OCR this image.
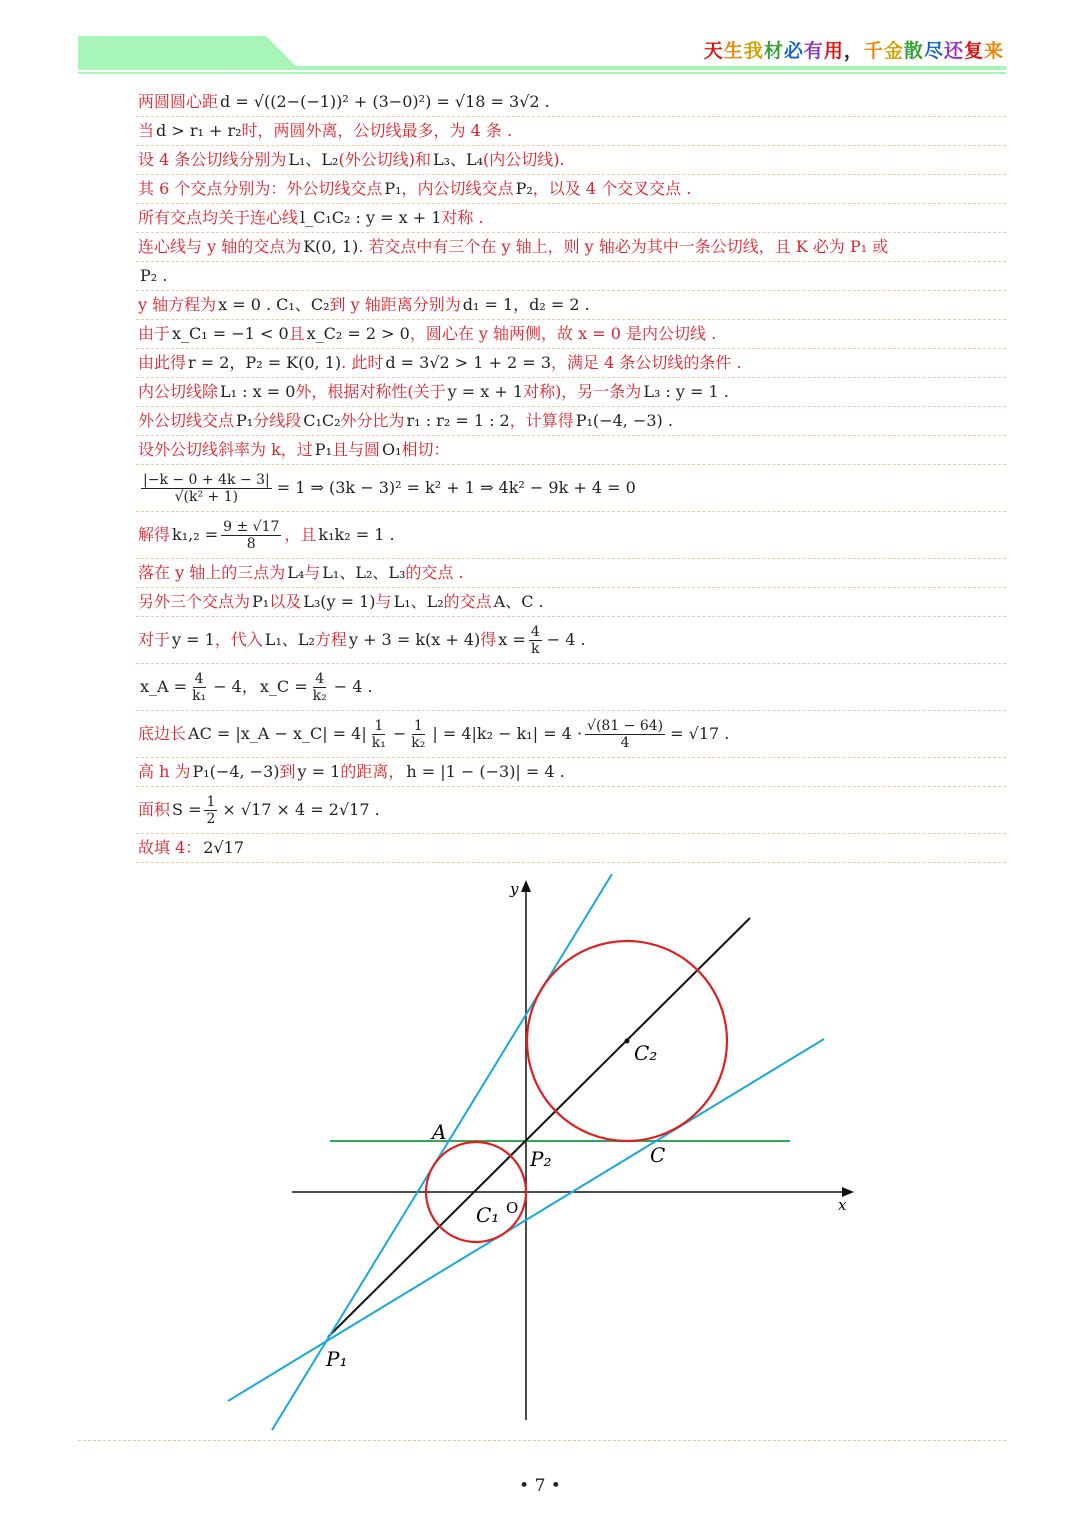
天生我材必有用，千金散尽还复来
两圆圆心距 d = √((2−(−1))² + (3−0)²) = √18 = 3√2 .
当 d > r₁ + r₂ 时，两圆外离，公切线最多，为 4 条 .
设 4 条公切线分别为 L₁、L₂ (外公切线)和 L₃、L₄ (内公切线).
其 6 个交点分别为：外公切线交点 P₁ ，内公切线交点 P₂ ，以及 4 个交叉交点 .
所有交点均关于连心线 l_C₁C₂ : y = x + 1 对称 .
连心线与 y 轴的交点为 K(0, 1) . 若交点中有三个在 y 轴上，则 y 轴必为其中一条公切线，且 K 必为 P₁ 或
P₂ .
y 轴方程为 x = 0 . C₁、C₂ 到 y 轴距离分别为 d₁ = 1，d₂ = 2 .
由于 x_C₁ = −1 < 0 且 x_C₂ = 2 > 0 ，圆心在 y 轴两侧，故 x = 0 是内公切线 .
由此得 r = 2，P₂ = K(0, 1) . 此时 d = 3√2 > 1 + 2 = 3 ，满足 4 条公切线的条件 .
内公切线除 L₁ : x = 0 外，根据对称性(关于 y = x + 1 对称)，另一条为 L₃ : y = 1 .
外公切线交点 P₁ 分线段 C₁C₂ 外分比为 r₁ : r₂ = 1 : 2 ，计算得 P₁(−4, −3) .
设外公切线斜率为 k，过 P₁ 且与圆 O₁ 相切：
$\frac{|-k - 0 + 4k - 3|}{\text{√(k² + 1)}} = 1$ ⇒ (3k − 3)² = k² + 1 ⇒ 4k² − 9k + 4 = 0
解得 $k_1,_2 = \frac{9 \pm √17}{8}$ ，且 k₁k₂ = 1 .
落在 y 轴上的三点为 L₄ 与 L₁、L₂、L₃ 的交点 .
另外三个交点为 P₁ 以及 L₃(y = 1) 与 L₁、L₂ 的交点 A、C .
对于 y = 1 ，代入 L₁、L₂ 方程 y + 3 = k(x + 4) 得 $x = \frac{4}{k} - 4$ .
x_A = $\frac{4}{\text{k₁}} - 4$， x_C = $\frac{4}{\text{k₂}} - 4$ .
底边长 AC = |x_A − x_C| = $4| \frac{1}{\text{k₁}} - \frac{1}{\text{k₂}}$ | = $4|k_2 - k_1| = 4 \cdot \frac{√(81 - 64)}{4} = √17$ .
高 h 为 P₁(−4, −3) 到 y = 1 的距离， h = |1 − (−3)| = 4 .
面积 $S = \frac{1}{2} \times √17 \times 4 = 2√17$ .
故填 4： 2√17
y
x
O
A
C
P₁
P₂
C₁
C₂
• 7 •
